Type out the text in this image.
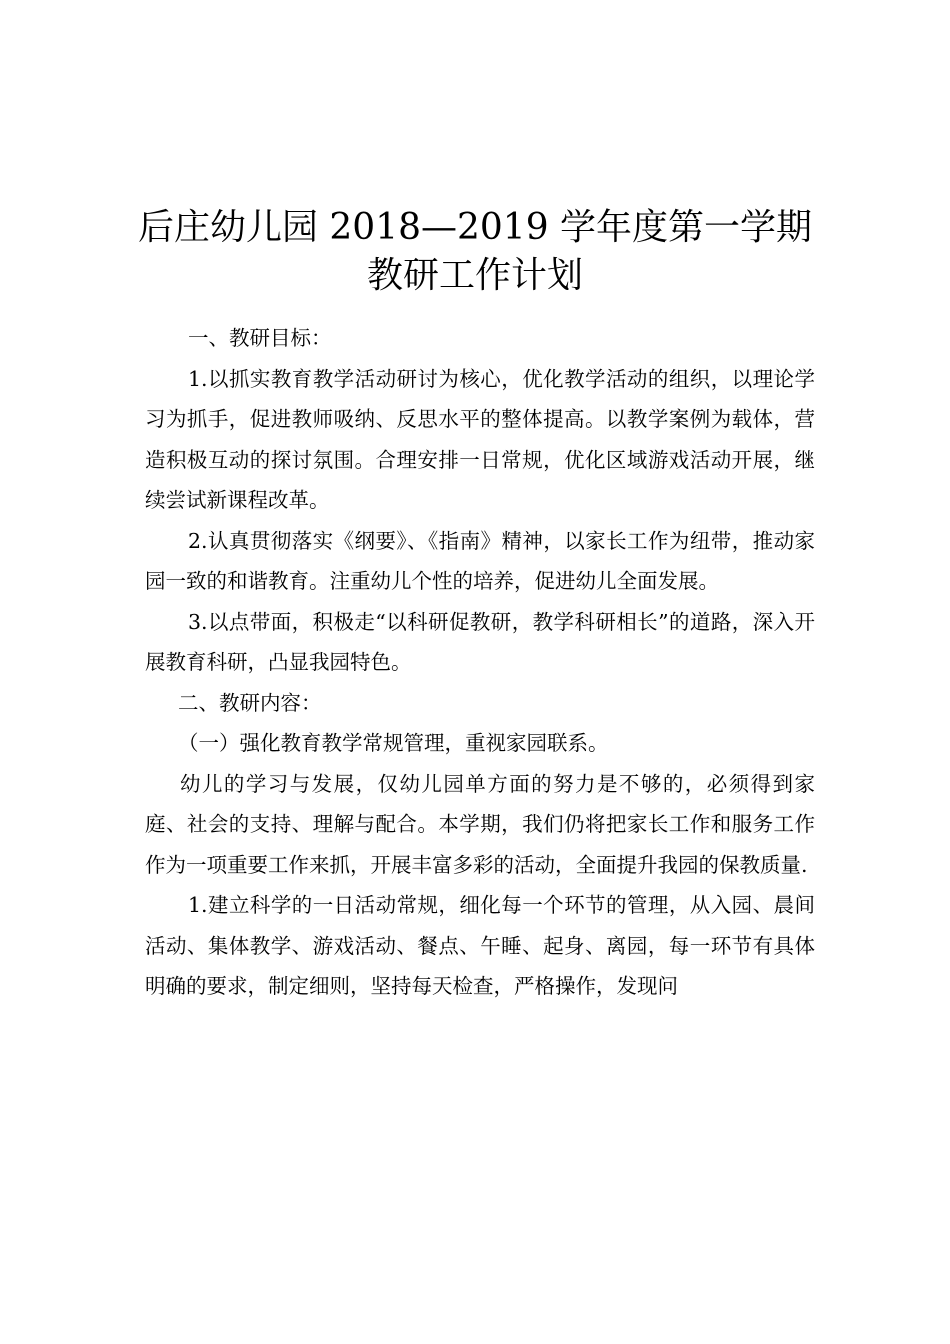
后庄幼儿园 2018—2019 学年度第一学期
教研工作计划

一、教研目标：

1.以抓实教育教学活动研讨为核心，优化教学活动的组织，以理论学习为抓手，促进教师吸纳、反思水平的整体提高。以教学案例为载体，营造积极互动的探讨氛围。合理安排一日常规，优化区域游戏活动开展，继续尝试新课程改革。

2.认真贯彻落实《纲要》、《指南》精神，以家长工作为纽带，推动家园一致的和谐教育。注重幼儿个性的培养，促进幼儿全面发展。

3.以点带面，积极走“以科研促教研，教学科研相长”的道路，深入开展教育科研，凸显我园特色。

二、教研内容：

（一）强化教育教学常规管理，重视家园联系。

幼儿的学习与发展，仅幼儿园单方面的努力是不够的，必须得到家庭、社会的支持、理解与配合。本学期，我们仍将把家长工作和服务工作作为一项重要工作来抓，开展丰富多彩的活动，全面提升我园的保教质量.

1.建立科学的一日活动常规，细化每一个环节的管理，从入园、晨间活动、集体教学、游戏活动、餐点、午睡、起身、离园，每一环节有具体明确的要求，制定细则，坚持每天检查，严格操作，发现问
